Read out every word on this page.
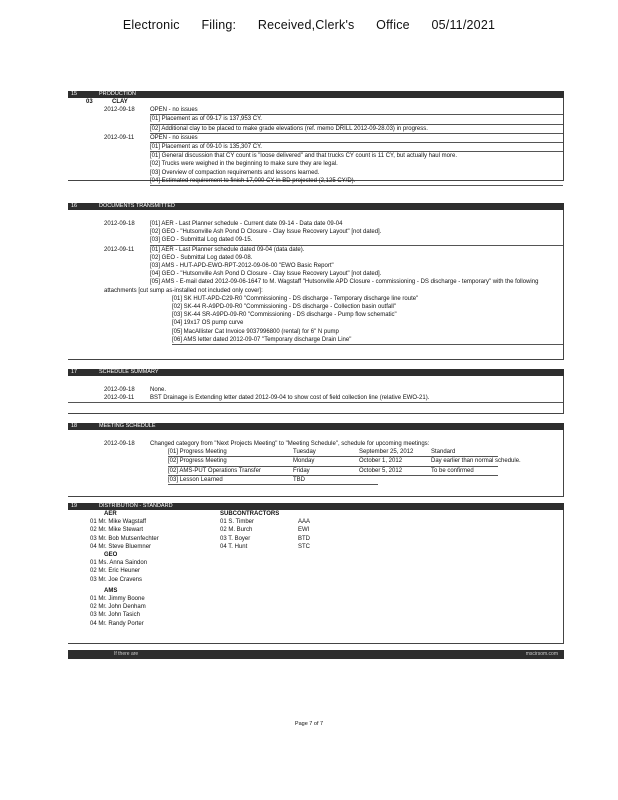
Electronic Filing: Received,Clerk's Office 05/11/2021
15	PRODUCTION
03	CLAY
2012-09-18	OPEN - no issues
[01] Placement as of 09-17 is 137,953 CY.
[02] Additional clay to be placed to make grade elevations (ref. memo DRILL 2012-09-28.03) in progress.
2012-09-11	OPEN - no issues
[01] Placement as of 09-10 is 135,307 CY.
[01] General discussion that CY count is "loose delivered" and that trucks CY count is 11 CY, but actually haul more.
[02] Trucks were weighed in the beginning to make sure they are legal.
[03] Overview of compaction requirements and lessons learned.
[04] Estimated requirement to finish 17,000 CY in BD projected (2,125 CY/D).
16	DOCUMENTS TRANSMITTED
2012-09-18	[01] AER - Last Planner schedule - Current date 09-14 - Data date 09-04
[02] GEO - "Hutsonville Ash Pond D Closure - Clay Issue Recovery Layout" [not dated].
[03] GEO - Submittal Log dated 09-15.
2012-09-11	[01] AER - Last Planner schedule dated 09-04 (data date).
[02] GEO - Submittal Log dated 09-08.
[03] AMS - HUT-APD-EWO-RPT-2012-09-06-00 "EWO Basic Report"
[04] GEO - "Hutsonville Ash Pond D Closure - Clay Issue Recovery Layout" [not dated].
[05] AMS - E-mail dated 2012-09-06-1647 to M. Wagstaff "Hutsonville APD Closure - commissioning - DS discharge - temporary" with the following
attachments [cut sump as-installed not included only cover]:
[01] SK HUT-APD-C29-R0 "Commissioning - DS discharge - Temporary discharge line route"
[02] SK-44 R-A9PD-09-R0 "Commissioning - DS discharge - Collection basin outfall"
[03] SK-44 SR-A9PD-09-R0 "Commissioning - DS discharge - Pump flow schematic"
[04] 19x17 OS pump curve
[05] MacAllister Cat Invoice 9037996800 (rental) for 6" N pump
[06] AMS letter dated 2012-09-07 "Temporary discharge Drain Line"
17	SCHEDULE SUMMARY
2012-09-18	None.
2012-09-11	BST Drainage is Extending letter dated 2012-09-04 to show cost of field collection line (relative EWO-21).
18	MEETING SCHEDULE
2012-09-18	Changed category from "Next Projects Meeting" to "Meeting Schedule", schedule for upcoming meetings:
[01] Progress Meeting	Tuesday	September 25, 2012	Standard
[02] Progress Meeting	Monday	October 1, 2012	Day earlier than normal schedule.
[02] AMS-PUT Operations Transfer	Friday	October 5, 2012	To be confirmed
[03] Lesson Learned	TBD
19	DISTRIBUTION - STANDARD
AER	SUBCONTRACTORS
01 Mr. Mike Wagstaff	01 S. Timber	AAA
02 Mr. Mike Stewart	02 M. Burch	EWI
03 Mr. Bob Mutsenfechter	03 T. Boyer	BTD
04 Mr. Steve Bluemner	04 T. Hunt	STC
GEO
01 Ms. Anna Saindon
02 Mr. Eric Heuner
03 Mr. Joe Cravens
AMS
01 Mr. Jimmy Boone
02 Mr. John Denham
03 Mr. John Tasich
04 Mr. Randy Porter
If there are	mscirsom.com
Page 7 of 7
